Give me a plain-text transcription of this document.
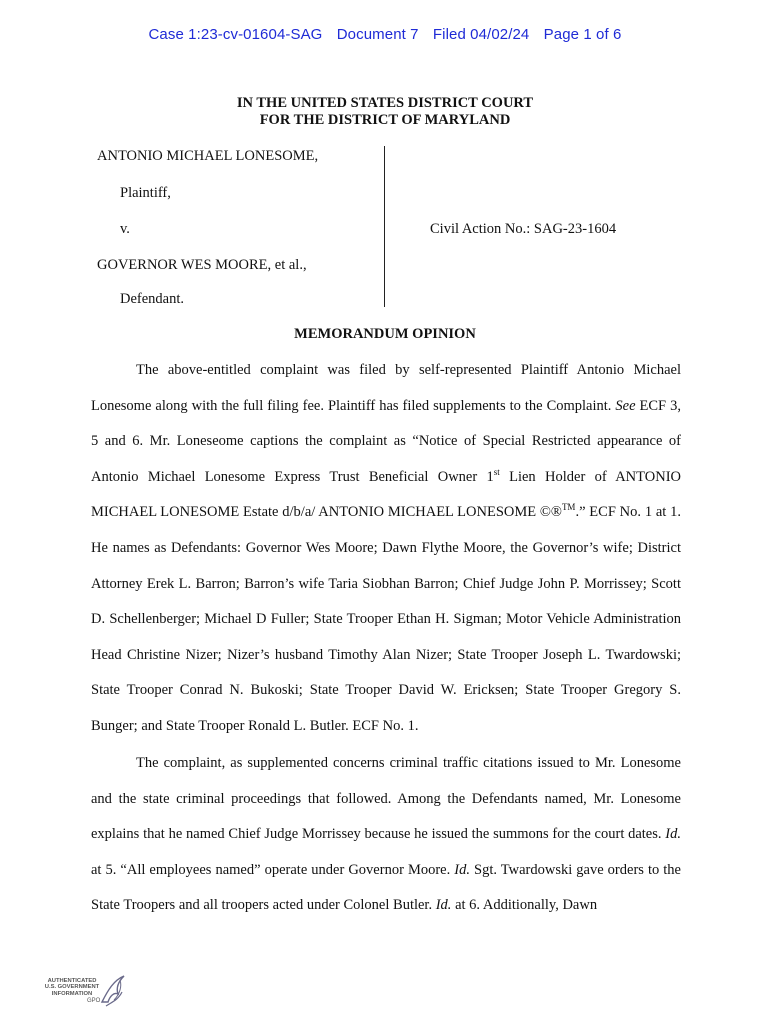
Case 1:23-cv-01604-SAG Document 7 Filed 04/02/24 Page 1 of 6
IN THE UNITED STATES DISTRICT COURT
FOR THE DISTRICT OF MARYLAND
ANTONIO MICHAEL LONESOME,
Plaintiff,
v.
GOVERNOR WES MOORE, et al.,
Defendant.
Civil Action No.: SAG-23-1604
MEMORANDUM OPINION

The above-entitled complaint was filed by self-represented Plaintiff Antonio Michael Lonesome along with the full filing fee. Plaintiff has filed supplements to the Complaint. See ECF 3, 5 and 6. Mr. Loneseome captions the complaint as “Notice of Special Restricted appearance of Antonio Michael Lonesome Express Trust Beneficial Owner 1st Lien Holder of ANTONIO MICHAEL LONESOME Estate d/b/a/ ANTONIO MICHAEL LONESOME ©®™.” ECF No. 1 at 1. He names as Defendants: Governor Wes Moore; Dawn Flythe Moore, the Governor’s wife; District Attorney Erek L. Barron; Barron’s wife Taria Siobhan Barron; Chief Judge John P. Morrissey; Scott D. Schellenberger; Michael D Fuller; State Trooper Ethan H. Sigman; Motor Vehicle Administration Head Christine Nizer; Nizer’s husband Timothy Alan Nizer; State Trooper Joseph L. Twardowski; State Trooper Conrad N. Bukoski; State Trooper David W. Ericksen; State Trooper Gregory S. Bunger; and State Trooper Ronald L. Butler. ECF No. 1.

The complaint, as supplemented concerns criminal traffic citations issued to Mr. Lonesome and the state criminal proceedings that followed. Among the Defendants named, Mr. Lonesome explains that he named Chief Judge Morrissey because he issued the summons for the court dates. Id. at 5. “All employees named” operate under Governor Moore. Id. Sgt. Twardowski gave orders to the State Troopers and all troopers acted under Colonel Butler. Id. at 6. Additionally, Dawn

AUTHENTICATED
U.S. GOVERNMENT
INFORMATION
GPO
